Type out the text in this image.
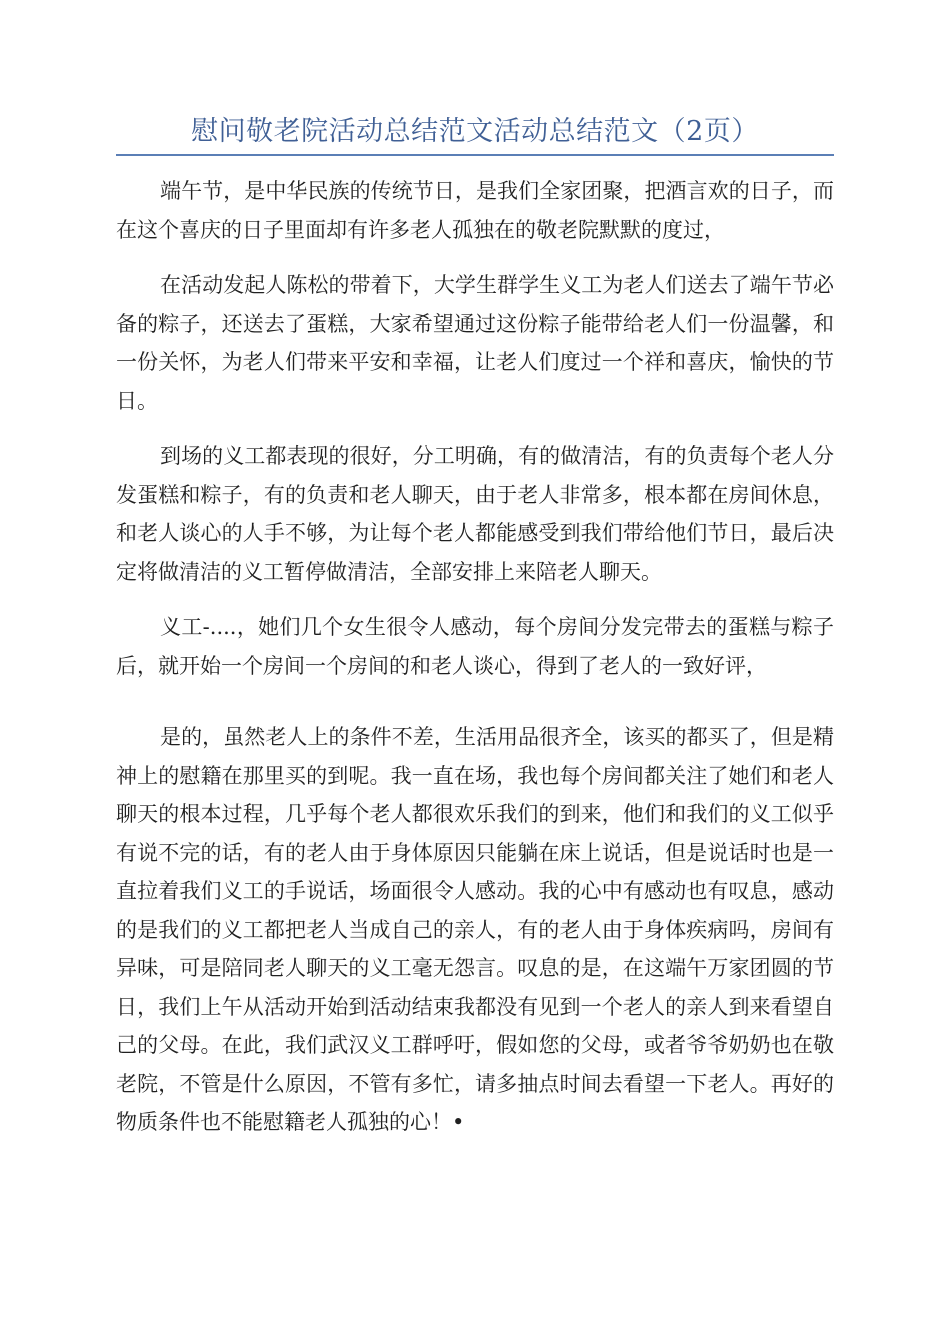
慰问敬老院活动总结范文活动总结范文（2页）

端午节，是中华民族的传统节日，是我们全家团聚，把酒言欢的日子，而在这个喜庆的日子里面却有许多老人孤独在的敬老院默默的度过，

在活动发起人陈松的带着下，大学生群学生义工为老人们送去了端午节必备的粽子，还送去了蛋糕，大家希望通过这份粽子能带给老人们一份温馨，和一份关怀，为老人们带来平安和幸福，让老人们度过一个祥和喜庆，愉快的节日。

到场的义工都表现的很好，分工明确，有的做清洁，有的负责每个老人分发蛋糕和粽子，有的负责和老人聊天，由于老人非常多，根本都在房间休息，和老人谈心的人手不够，为让每个老人都能感受到我们带给他们节日，最后决定将做清洁的义工暂停做清洁，全部安排上来陪老人聊天。

义工-....，她们几个女生很令人感动，每个房间分发完带去的蛋糕与粽子后，就开始一个房间一个房间的和老人谈心，得到了老人的一致好评，

是的，虽然老人上的条件不差，生活用品很齐全，该买的都买了，但是精神上的慰籍在那里买的到呢。我一直在场，我也每个房间都关注了她们和老人聊天的根本过程，几乎每个老人都很欢乐我们的到来，他们和我们的义工似乎有说不完的话，有的老人由于身体原因只能躺在床上说话，但是说话时也是一直拉着我们义工的手说话，场面很令人感动。我的心中有感动也有叹息，感动的是我们的义工都把老人当成自己的亲人，有的老人由于身体疾病吗，房间有异味，可是陪同老人聊天的义工毫无怨言。叹息的是，在这端午万家团圆的节日，我们上午从活动开始到活动结束我都没有见到一个老人的亲人到来看望自己的父母。在此，我们武汉义工群呼吁，假如您的父母，或者爷爷奶奶也在敬老院，不管是什么原因，不管有多忙，请多抽点时间去看望一下老人。再好的物质条件也不能慰籍老人孤独的心！•
